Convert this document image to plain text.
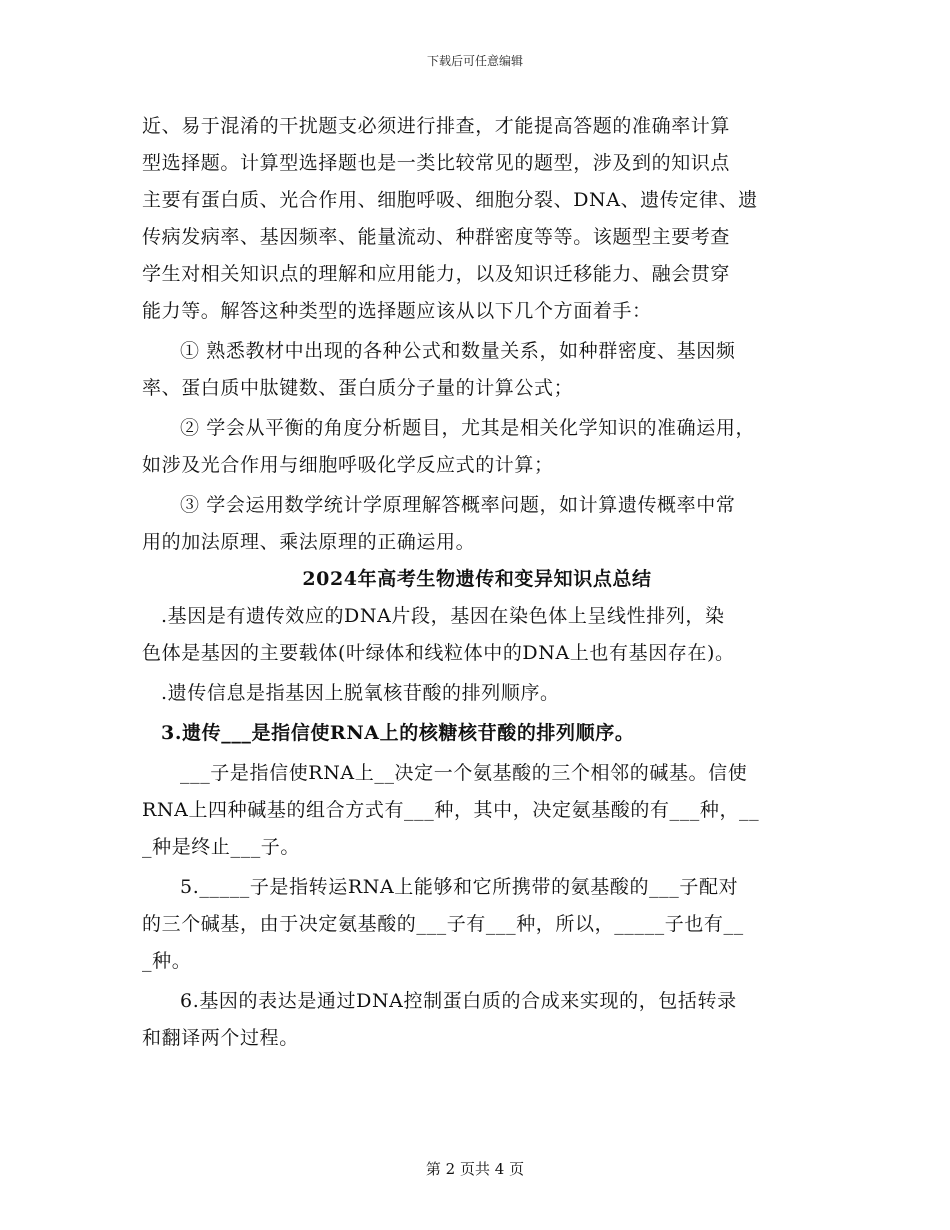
下载后可任意编辑

近、易于混淆的干扰题支必须进行排查，才能提高答题的准确率计算
型选择题。计算型选择题也是一类比较常见的题型，涉及到的知识点
主要有蛋白质、光合作用、细胞呼吸、细胞分裂、DNA、遗传定律、遗
传病发病率、基因频率、能量流动、种群密度等等。该题型主要考查
学生对相关知识点的理解和应用能力，以及知识迁移能力、融会贯穿
能力等。解答这种类型的选择题应该从以下几个方面着手：

① 熟悉教材中出现的各种公式和数量关系，如种群密度、基因频
率、蛋白质中肽键数、蛋白质分子量的计算公式；

② 学会从平衡的角度分析题目，尤其是相关化学知识的准确运用，
如涉及光合作用与细胞呼吸化学反应式的计算；

③ 学会运用数学统计学原理解答概率问题，如计算遗传概率中常
用的加法原理、乘法原理的正确运用。

2024年高考生物遗传和变异知识点总结

.基因是有遗传效应的DNA片段，基因在染色体上呈线性排列，染
色体是基因的主要载体(叶绿体和线粒体中的DNA上也有基因存在)。

.遗传信息是指基因上脱氧核苷酸的排列顺序。

3.遗传___是指信使RNA上的核糖核苷酸的排列顺序。

___子是指信使RNA上__决定一个氨基酸的三个相邻的碱基。信使
RNA上四种碱基的组合方式有___种，其中，决定氨基酸的有___种，__
_种是终止___子。

5._____子是指转运RNA上能够和它所携带的氨基酸的___子配对
的三个碱基，由于决定氨基酸的___子有___种，所以，_____子也有__
_种。

6.基因的表达是通过DNA控制蛋白质的合成来实现的，包括转录
和翻译两个过程。

第 2 页共 4 页
